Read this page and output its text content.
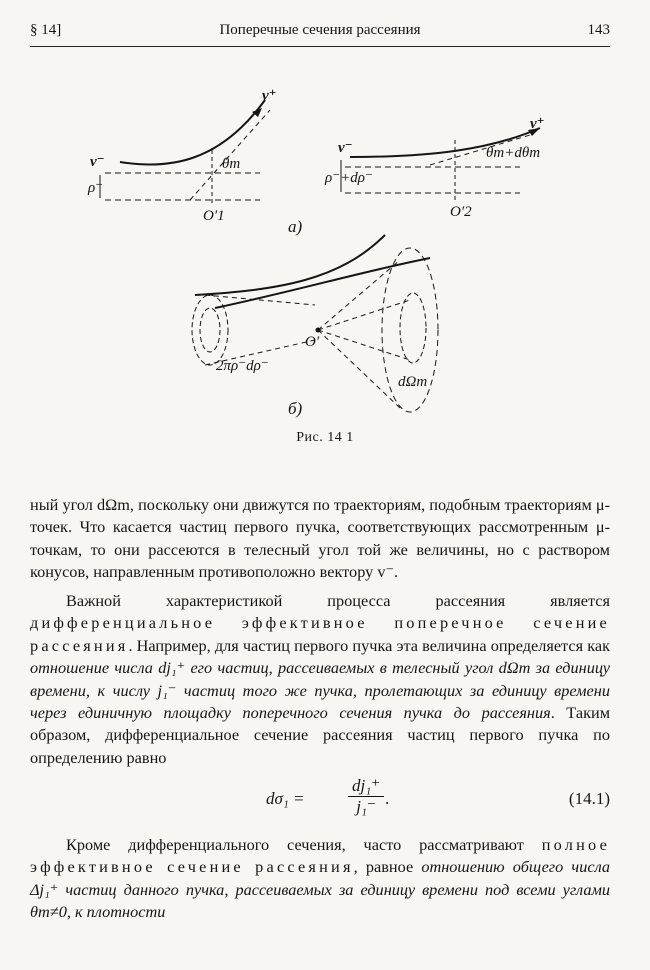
§ 14]	Поперечные сечения рассеяния	143
v⁺
v⁻
ρ⁻
θm
O′1
v⁺
v⁻
ρ⁻+dρ⁻
θm+dθm
O′2
2πρ⁻dρ⁻
O′
dΩm
а)
б)
Рис. 14 1
ный угол dΩm, поскольку они движутся по траекториям, подобным траекториям μ-точек. Что касается частиц первого пучка, соответствующих рассмотренным μ-точкам, то они рассеются в телесный угол той же величины, но с раствором конусов, направленным противоположно вектору v⁻.
Важной характеристикой процесса рассеяния является дифференциальное эффективное поперечное сечение рассеяния. Например, для частиц первого пучка эта величина определяется как отношение числа dj₁⁺ его частиц, рассеиваемых в телесный угол dΩm за единицу времени, к числу j₁⁻ частиц того же пучка, пролетающих за единицу времени через единичную площадку поперечного сечения пучка до рассеяния. Таким образом, дифференциальное сечение рассеяния частиц первого пучка по определению равно
dσ₁ =	$\frac{\text{dj₁⁺}}{\text{j₁⁻}}$ .	(14.1)
Кроме дифференциального сечения, часто рассматривают полное эффективное сечение рассеяния, равное отношению общего числа Δj₁⁺ частиц данного пучка, рассеиваемых за единицу времени под всеми углами θm≠0, к плотности
